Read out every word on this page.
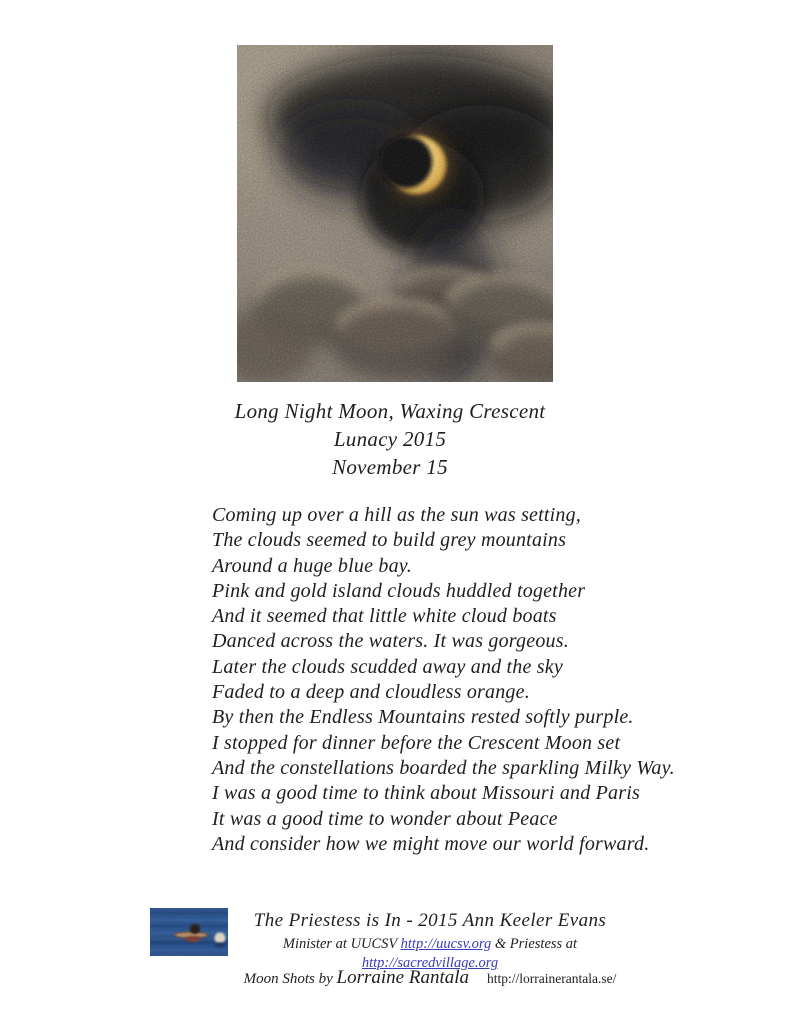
Long Night Moon, Waxing Crescent
Lunacy 2015
November 15
Coming up over a hill as the sun was setting,
The clouds seemed to build grey mountains
Around a huge blue bay.
Pink and gold island clouds huddled together
And it seemed that little white cloud boats
Danced across the waters. It was gorgeous.
Later the clouds scudded away and the sky
Faded to a deep and cloudless orange.
By then the Endless Mountains rested softly purple.
I stopped for dinner before the Crescent Moon set
And the constellations boarded the sparkling Milky Way.
I was a good time to think about Missouri and Paris
It was a good time to wonder about Peace
And consider how we might move our world forward.
The Priestess is In - 2015 Ann Keeler Evans
Minister at UUCSV http://uucsv.org & Priestess at http://sacredvillage.org
Moon Shots by Lorraine Rantala http://lorrainerantala.se/
